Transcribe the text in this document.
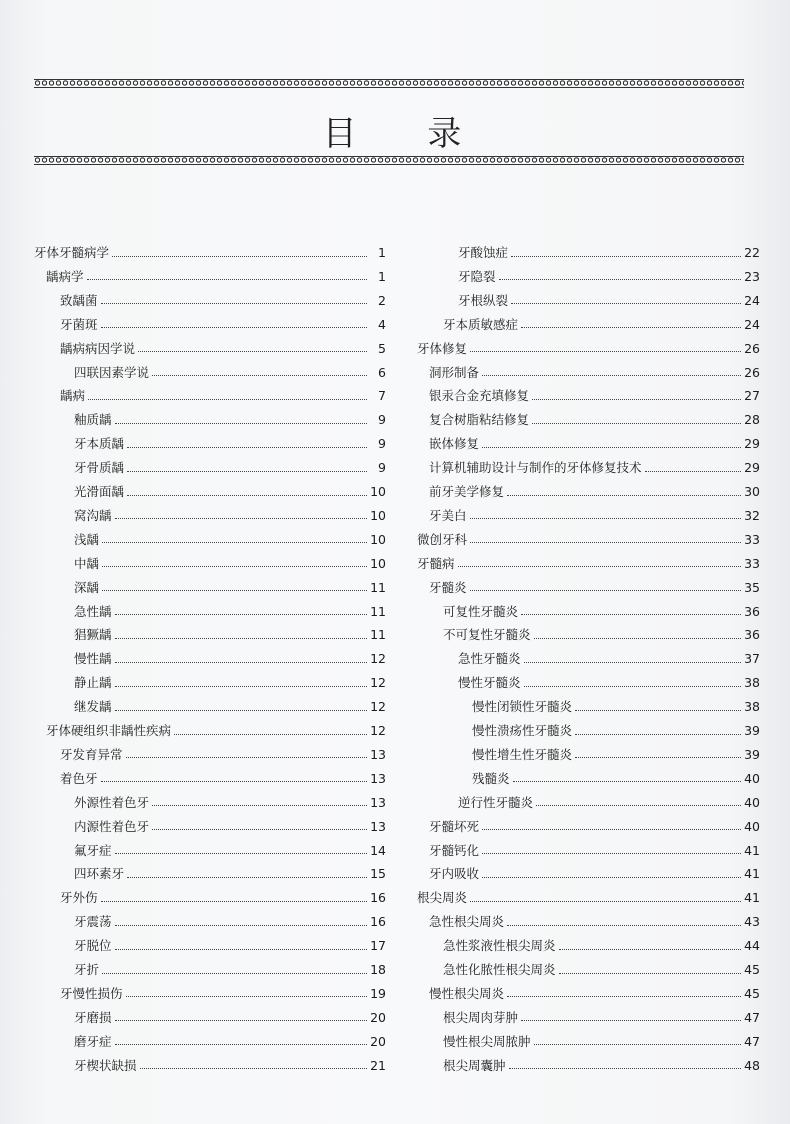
目 录
牙体牙髓病学	1
龋病学	1
致龋菌	2
牙菌斑	4
龋病病因学说	5
四联因素学说	6
龋病	7
釉质龋	9
牙本质龋	9
牙骨质龋	9
光滑面龋	10
窝沟龋	10
浅龋	10
中龋	10
深龋	11
急性龋	11
猖獗龋	11
慢性龋	12
静止龋	12
继发龋	12
牙体硬组织非龋性疾病	12
牙发育异常	13
着色牙	13
外源性着色牙	13
内源性着色牙	13
氟牙症	14
四环素牙	15
牙外伤	16
牙震荡	16
牙脱位	17
牙折	18
牙慢性损伤	19
牙磨损	20
磨牙症	20
牙楔状缺损	21
牙酸蚀症	22
牙隐裂	23
牙根纵裂	24
牙本质敏感症	24
牙体修复	26
洞形制备	26
银汞合金充填修复	27
复合树脂粘结修复	28
嵌体修复	29
计算机辅助设计与制作的牙体修复技术	29
前牙美学修复	30
牙美白	32
微创牙科	33
牙髓病	33
牙髓炎	35
可复性牙髓炎	36
不可复性牙髓炎	36
急性牙髓炎	37
慢性牙髓炎	38
慢性闭锁性牙髓炎	38
慢性溃疡性牙髓炎	39
慢性增生性牙髓炎	39
残髓炎	40
逆行性牙髓炎	40
牙髓坏死	40
牙髓钙化	41
牙内吸收	41
根尖周炎	41
急性根尖周炎	43
急性浆液性根尖周炎	44
急性化脓性根尖周炎	45
慢性根尖周炎	45
根尖周肉芽肿	47
慢性根尖周脓肿	47
根尖周囊肿	48
